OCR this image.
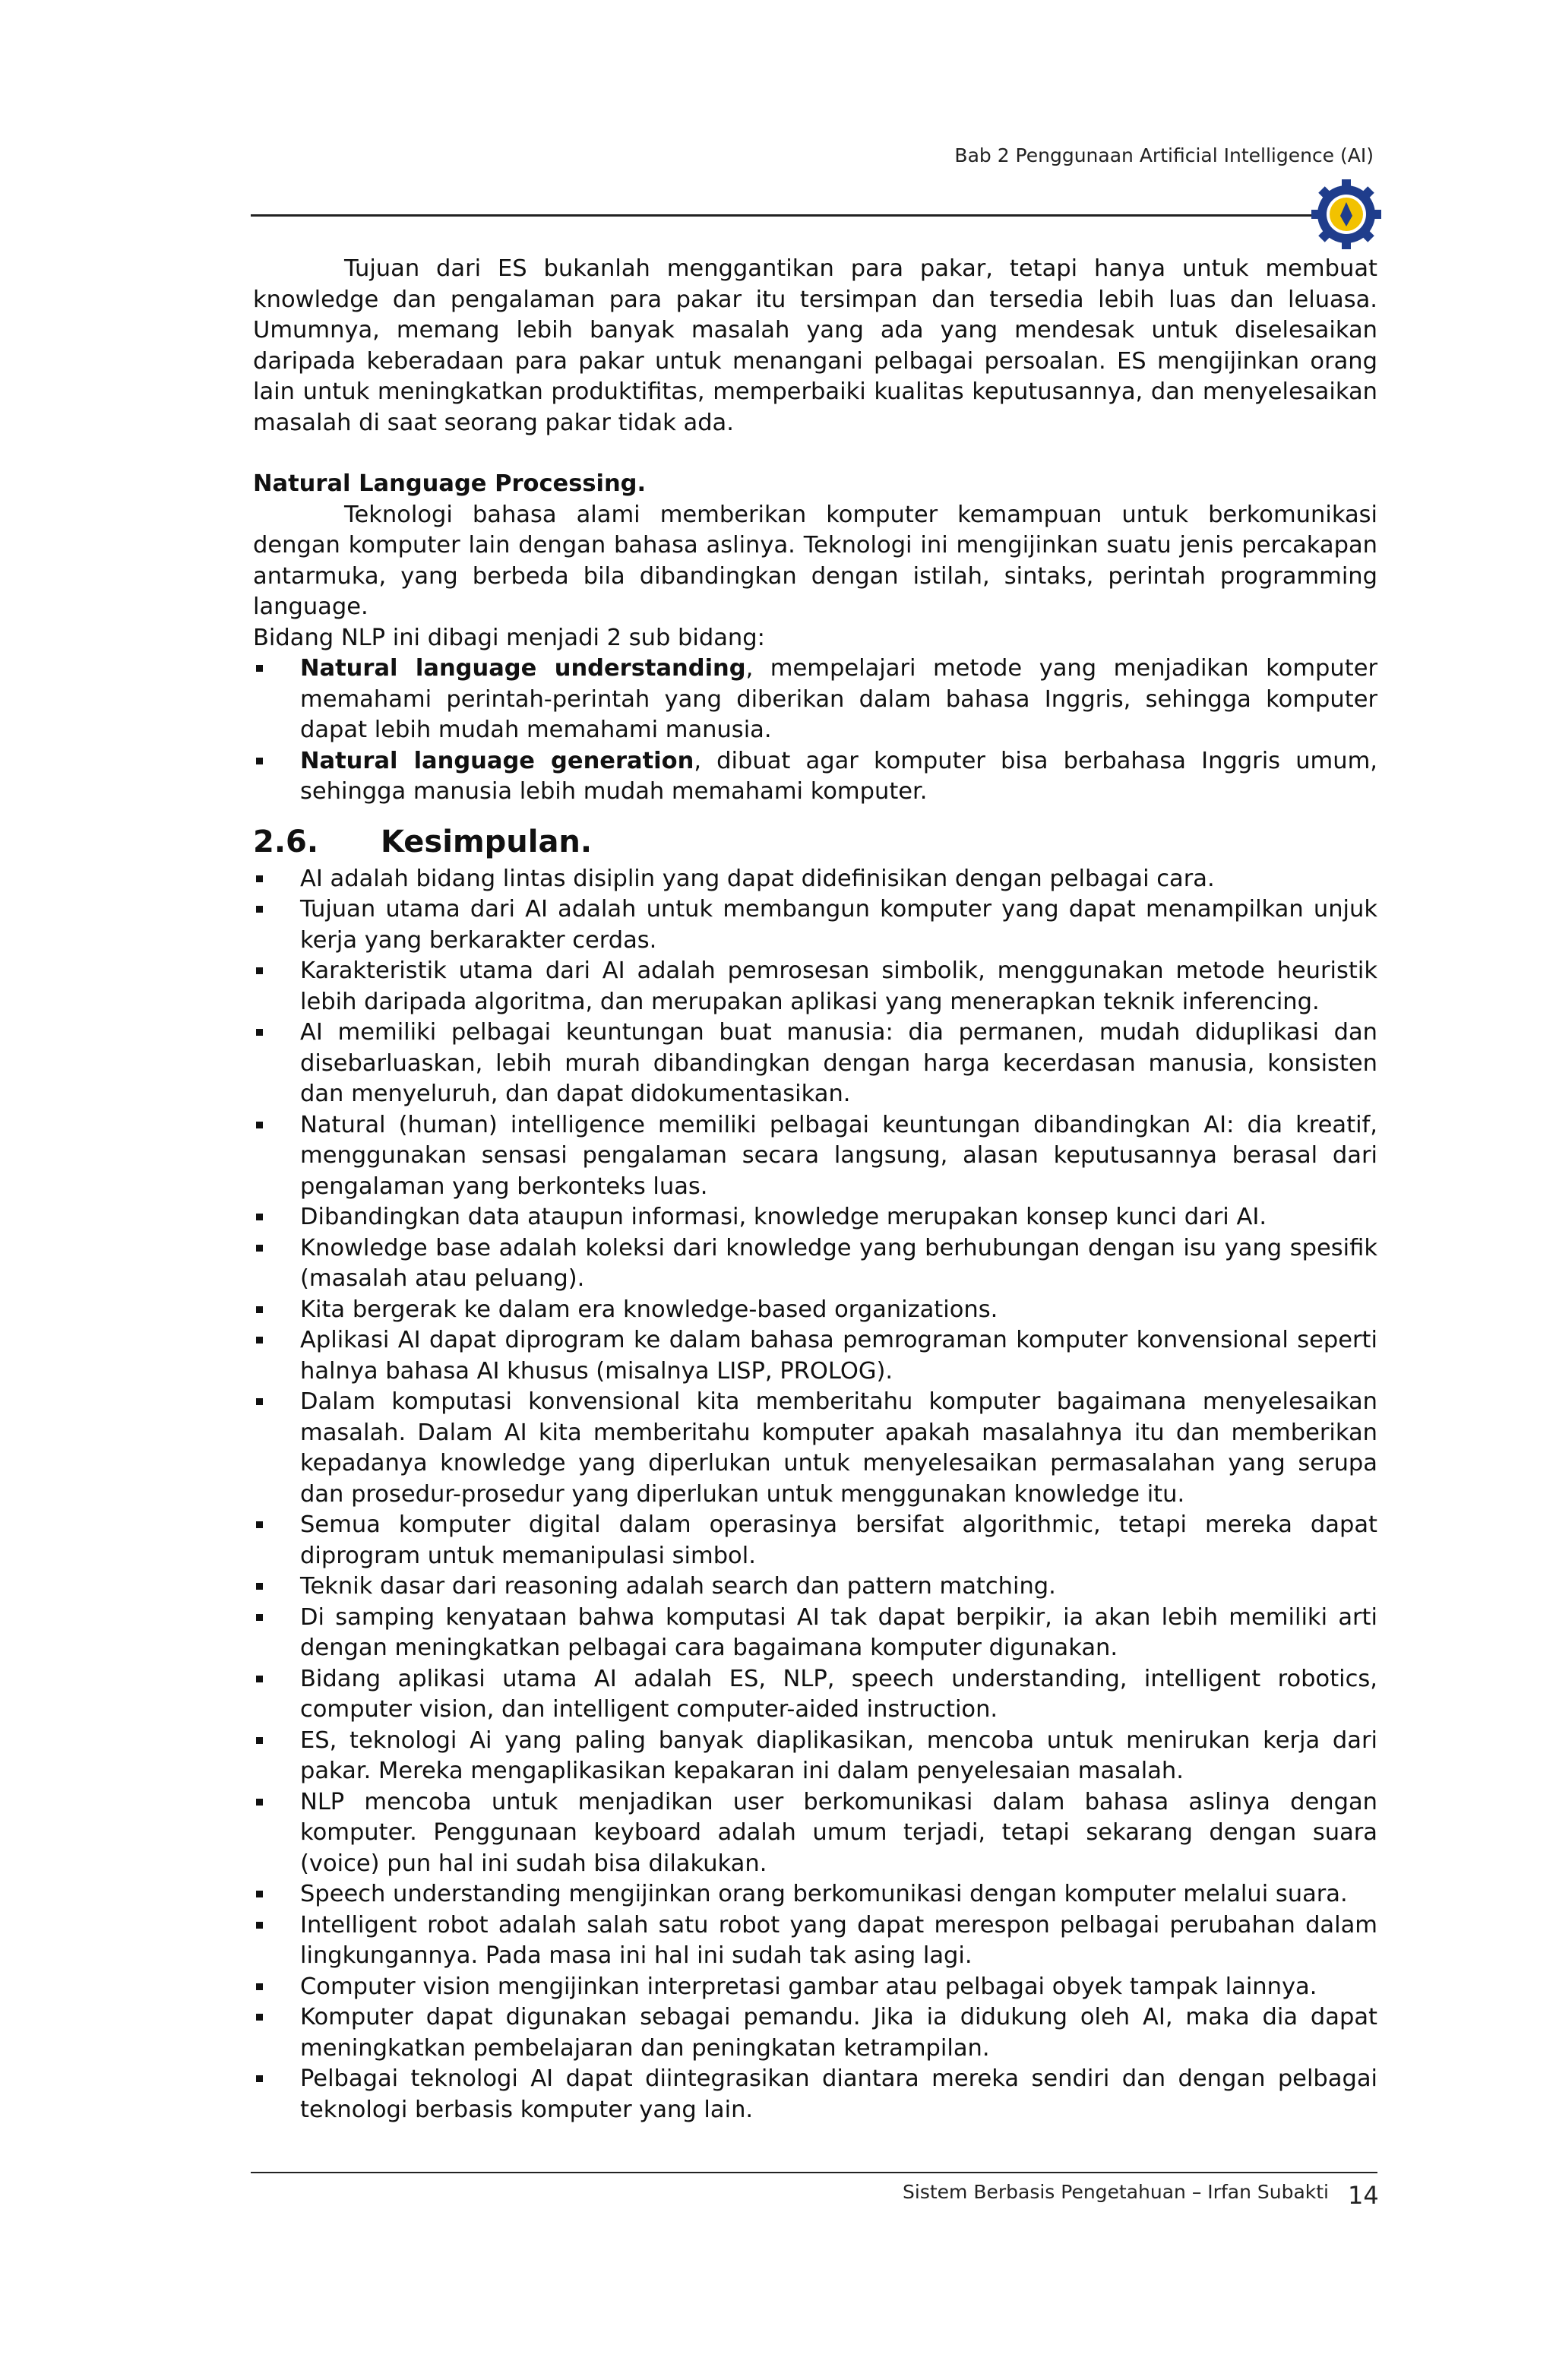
Bab 2 Penggunaan Artificial Intelligence (AI)

Tujuan dari ES bukanlah menggantikan para pakar, tetapi hanya untuk membuat knowledge dan pengalaman para pakar itu tersimpan dan tersedia lebih luas dan leluasa. Umumnya, memang lebih banyak masalah yang ada yang mendesak untuk diselesaikan daripada keberadaan para pakar untuk menangani pelbagai persoalan. ES mengijinkan orang lain untuk meningkatkan produktifitas, memperbaiki kualitas keputusannya, dan menyelesaikan masalah di saat seorang pakar tidak ada.

Natural Language Processing.

Teknologi bahasa alami memberikan komputer kemampuan untuk berkomunikasi dengan komputer lain dengan bahasa aslinya. Teknologi ini mengijinkan suatu jenis percakapan antarmuka, yang berbeda bila dibandingkan dengan istilah, sintaks, perintah programming language.

Bidang NLP ini dibagi menjadi 2 sub bidang:

Natural language understanding, mempelajari metode yang menjadikan komputer memahami perintah-perintah yang diberikan dalam bahasa Inggris, sehingga komputer dapat lebih mudah memahami manusia.
Natural language generation, dibuat agar komputer bisa berbahasa Inggris umum, sehingga manusia lebih mudah memahami komputer.
2.6. Kesimpulan.
AI adalah bidang lintas disiplin yang dapat didefinisikan dengan pelbagai cara.
Tujuan utama dari AI adalah untuk membangun komputer yang dapat menampilkan unjuk kerja yang berkarakter cerdas.
Karakteristik utama dari AI adalah pemrosesan simbolik, menggunakan metode heuristik lebih daripada algoritma, dan merupakan aplikasi yang menerapkan teknik inferencing.
AI memiliki pelbagai keuntungan buat manusia: dia permanen, mudah diduplikasi dan disebarluaskan, lebih murah dibandingkan dengan harga kecerdasan manusia, konsisten dan menyeluruh, dan dapat didokumentasikan.
Natural (human) intelligence memiliki pelbagai keuntungan dibandingkan AI: dia kreatif, menggunakan sensasi pengalaman secara langsung, alasan keputusannya berasal dari pengalaman yang berkonteks luas.
Dibandingkan data ataupun informasi, knowledge merupakan konsep kunci dari AI.
Knowledge base adalah koleksi dari knowledge yang berhubungan dengan isu yang spesifik (masalah atau peluang).
Kita bergerak ke dalam era knowledge-based organizations.
Aplikasi AI dapat diprogram ke dalam bahasa pemrograman komputer konvensional seperti halnya bahasa AI khusus (misalnya LISP, PROLOG).
Dalam komputasi konvensional kita memberitahu komputer bagaimana menyelesaikan masalah. Dalam AI kita memberitahu komputer apakah masalahnya itu dan memberikan kepadanya knowledge yang diperlukan untuk menyelesaikan permasalahan yang serupa dan prosedur-prosedur yang diperlukan untuk menggunakan knowledge itu.
Semua komputer digital dalam operasinya bersifat algorithmic, tetapi mereka dapat diprogram untuk memanipulasi simbol.
Teknik dasar dari reasoning adalah search dan pattern matching.
Di samping kenyataan bahwa komputasi AI tak dapat berpikir, ia akan lebih memiliki arti dengan meningkatkan pelbagai cara bagaimana komputer digunakan.
Bidang aplikasi utama AI adalah ES, NLP, speech understanding, intelligent robotics, computer vision, dan intelligent computer-aided instruction.
ES, teknologi Ai yang paling banyak diaplikasikan, mencoba untuk menirukan kerja dari pakar. Mereka mengaplikasikan kepakaran ini dalam penyelesaian masalah.
NLP mencoba untuk menjadikan user berkomunikasi dalam bahasa aslinya dengan komputer. Penggunaan keyboard adalah umum terjadi, tetapi sekarang dengan suara (voice) pun hal ini sudah bisa dilakukan.
Speech understanding mengijinkan orang berkomunikasi dengan komputer melalui suara.
Intelligent robot adalah salah satu robot yang dapat merespon pelbagai perubahan dalam lingkungannya. Pada masa ini hal ini sudah tak asing lagi.
Computer vision mengijinkan interpretasi gambar atau pelbagai obyek tampak lainnya.
Komputer dapat digunakan sebagai pemandu. Jika ia didukung oleh AI, maka dia dapat meningkatkan pembelajaran dan peningkatan ketrampilan.
Pelbagai teknologi AI dapat diintegrasikan diantara mereka sendiri dan dengan pelbagai teknologi berbasis komputer yang lain.
Sistem Berbasis Pengetahuan – Irfan Subakti 14
